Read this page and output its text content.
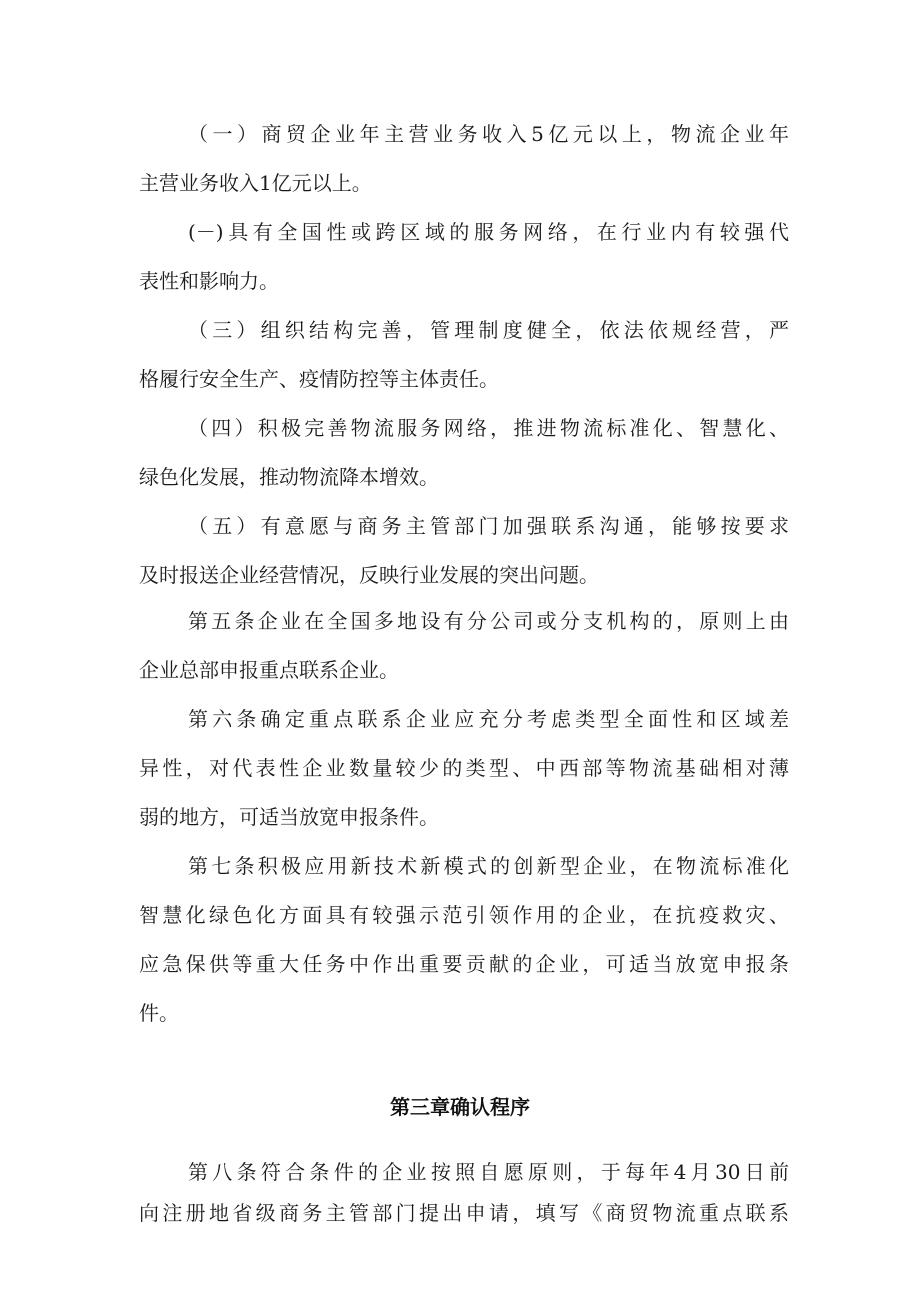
（一）商贸企业年主营业务收入5亿元以上，物流企业年
主营业务收入1亿元以上。
(－)具有全国性或跨区域的服务网络，在行业内有较强代
表性和影响力。
（三）组织结构完善，管理制度健全，依法依规经营，严
格履行安全生产、疫情防控等主体责任。
（四）积极完善物流服务网络，推进物流标准化、智慧化、
绿色化发展，推动物流降本增效。
（五）有意愿与商务主管部门加强联系沟通，能够按要求
及时报送企业经营情况，反映行业发展的突出问题。
第五条企业在全国多地设有分公司或分支机构的，原则上由
企业总部申报重点联系企业。
第六条确定重点联系企业应充分考虑类型全面性和区域差
异性，对代表性企业数量较少的类型、中西部等物流基础相对薄
弱的地方，可适当放宽申报条件。
第七条积极应用新技术新模式的创新型企业，在物流标准化
智慧化绿色化方面具有较强示范引领作用的企业，在抗疫救灾、
应急保供等重大任务中作出重要贡献的企业，可适当放宽申报条
件。
第三章确认程序
第八条符合条件的企业按照自愿原则，于每年4月30日前
向注册地省级商务主管部门提出申请，填写《商贸物流重点联系
